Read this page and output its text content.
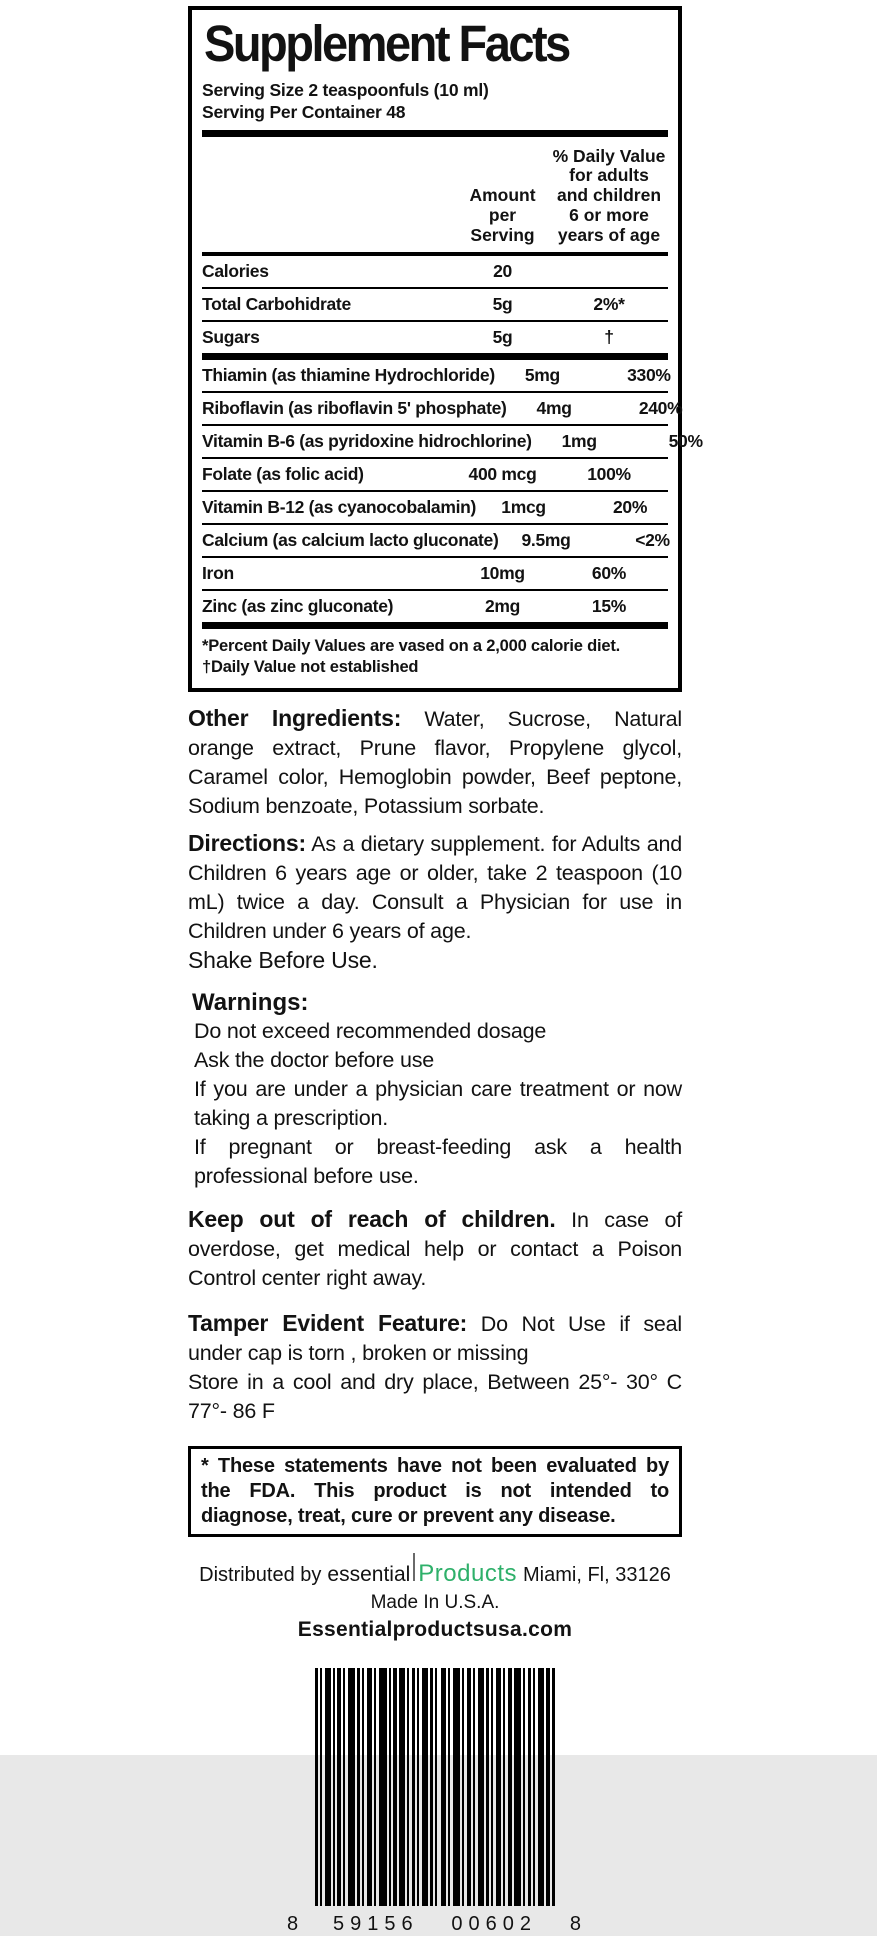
Supplement Facts
Serving Size 2 teaspoonfuls (10 ml)
Serving Per Container 48
Amount
per Serving
% Daily Value
for adults
and children
6 or more
years of age
Calories	20
Total Carbohidrate	5g	2%*
Sugars	5g	†
Thiamin (as thiamine Hydrochloride)	5mg	330%
Riboflavin (as riboflavin 5' phosphate)	4mg	240%
Vitamin B-6 (as pyridoxine hidrochlorine)	1mg	50%
Folate (as folic acid)	400 mcg	100%
Vitamin B-12 (as cyanocobalamin)	1mcg	20%
Calcium (as calcium lacto gluconate)	9.5mg	<2%
Iron	10mg	60%
Zinc (as zinc gluconate)	2mg	15%
*Percent Daily Values are vased on a 2,000 calorie diet.
†Daily Value not established
Other Ingredients: Water, Sucrose, Natural orange extract, Prune flavor, Propylene glycol, Caramel color, Hemoglobin powder, Beef peptone, Sodium benzoate, Potassium sorbate.
Directions: As a dietary supplement. for Adults and Children 6 years age or older, take 2 teaspoon (10 mL) twice a day. Consult a Physician for use in Children under 6 years of age.
Shake Before Use.
Warnings:
Do not exceed recommended dosage
Ask the doctor before use
If you are under a physician care treatment or now taking a prescription.
If pregnant or breast-feeding ask a health professional before use.
Keep out of reach of children. In case of overdose, get medical help or contact a Poison Control center right away.
Tamper Evident Feature: Do Not Use if seal under cap is torn , broken or missing
Store in a cool and dry place, Between 25°- 30° C 77°- 86 F
* These statements have not been evaluated by the FDA. This product is not intended to diagnose, treat, cure or prevent any disease.
Distributed by essential Products Miami, Fl, 33126
Made In U.S.A.
Essentialproductsusa.com
8 59156 00602 8
